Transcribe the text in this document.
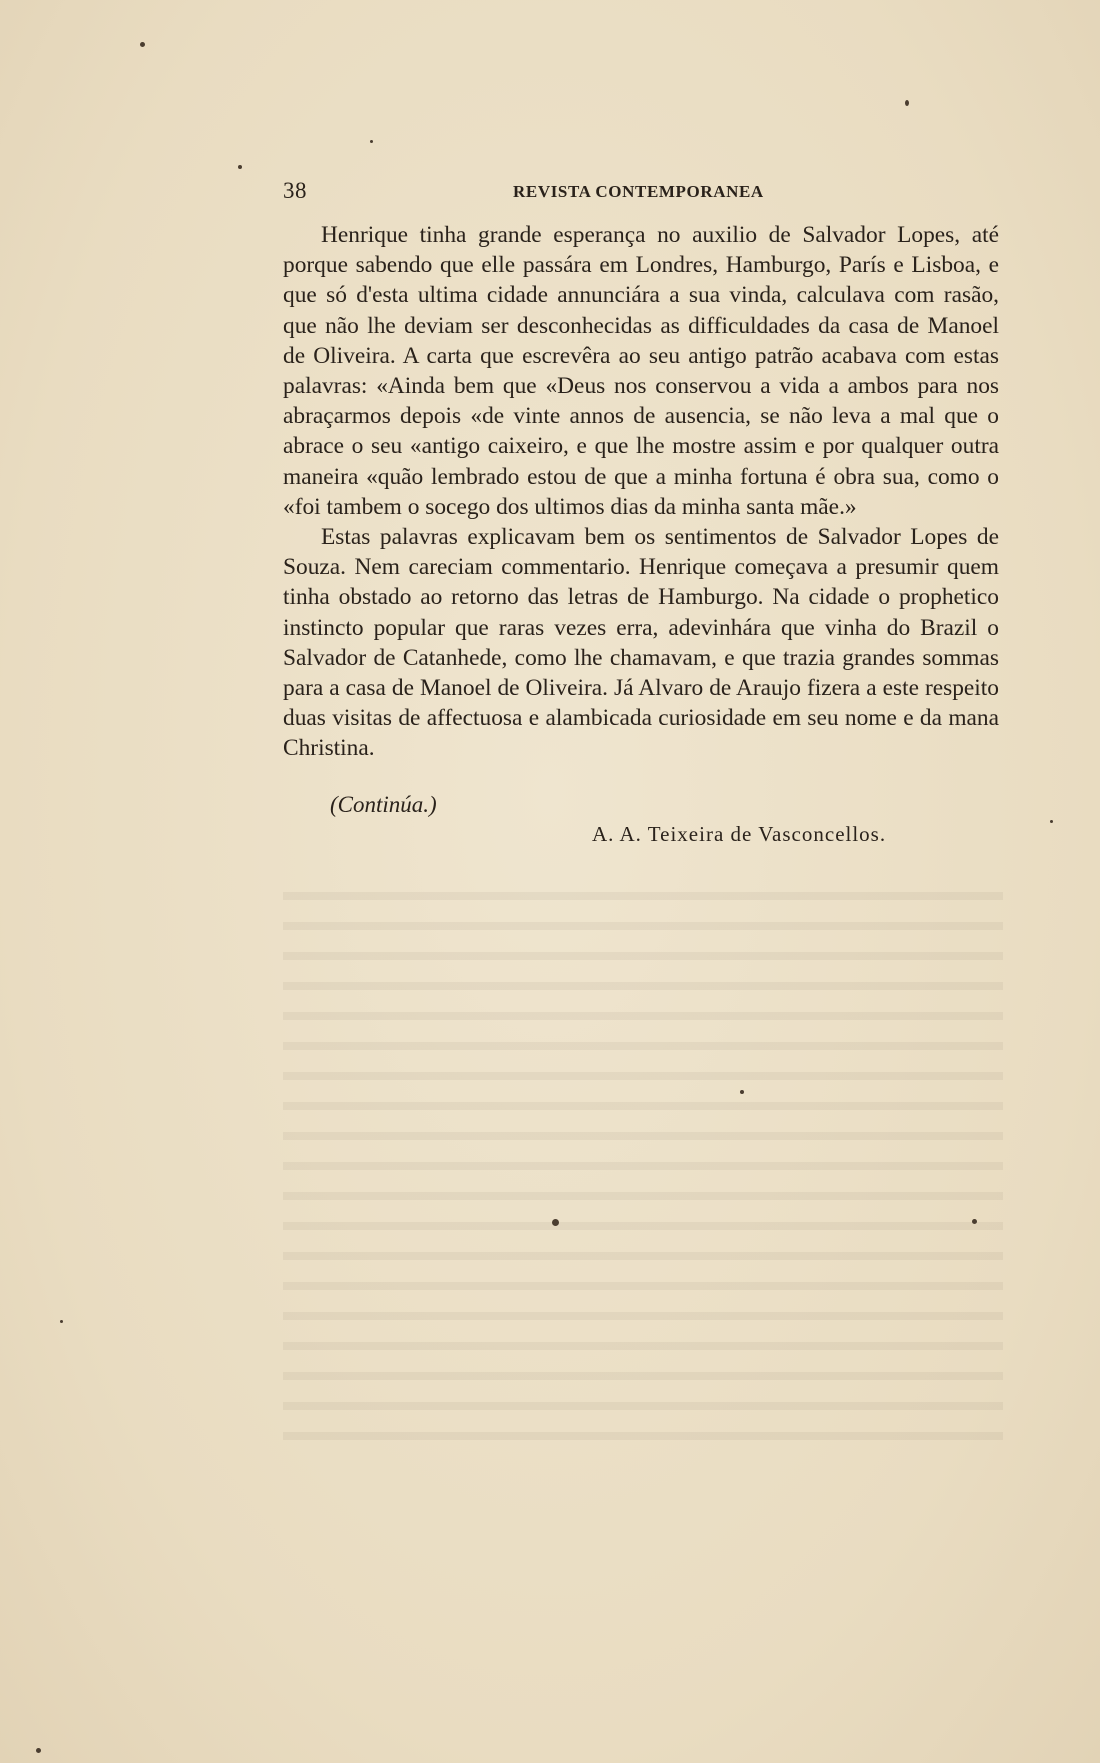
38	REVISTA CONTEMPORANEA

Henrique tinha grande esperança no auxilio de Salvador Lopes, até porque sabendo que elle passára em Londres, Hamburgo, París e Lisboa, e que só d'esta ultima cidade annunciára a sua vinda, calculava com rasão, que não lhe deviam ser desconhecidas as difficuldades da casa de Manoel de Oliveira. A carta que escrevêra ao seu antigo patrão acabava com estas palavras: «Ainda bem que «Deus nos conservou a vida a ambos para nos abraçarmos depois «de vinte annos de ausencia, se não leva a mal que o abrace o seu «antigo caixeiro, e que lhe mostre assim e por qualquer outra maneira «quão lembrado estou de que a minha fortuna é obra sua, como o «foi tambem o socego dos ultimos dias da minha santa mãe.»

Estas palavras explicavam bem os sentimentos de Salvador Lopes de Souza. Nem careciam commentario. Henrique começava a presumir quem tinha obstado ao retorno das letras de Hamburgo. Na cidade o prophetico instincto popular que raras vezes erra, adevinhára que vinha do Brazil o Salvador de Catanhede, como lhe chamavam, e que trazia grandes sommas para a casa de Manoel de Oliveira. Já Alvaro de Araujo fizera a este respeito duas visitas de affectuosa e alambicada curiosidade em seu nome e da mana Christina.

(Continúa.)
A. A. Teixeira de Vasconcellos.
